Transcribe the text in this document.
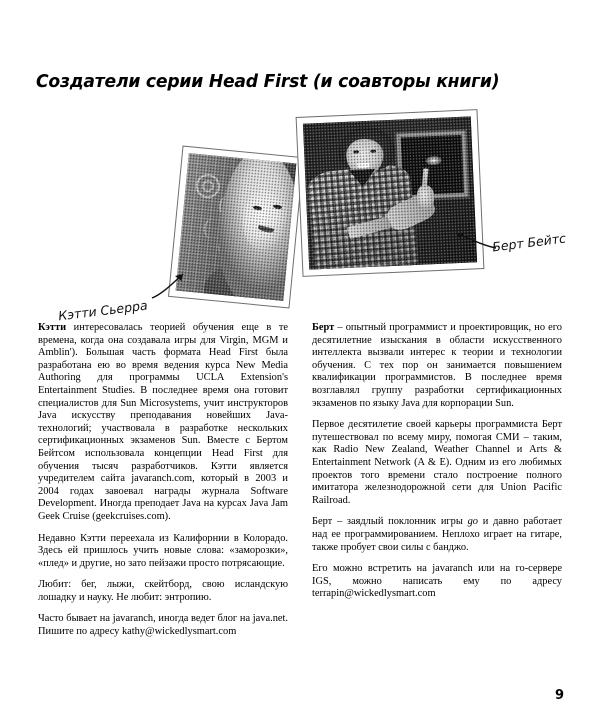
Создатели серии Head First (и соавторы книги)
Кэтти Сьерра
Берт Бейтс

Кэтти интересовалась теорией обучения еще в те времена, когда она создавала игры для Virgin, MGM и Amblin'). Большая часть формата Head First была разработана ею во время ведения курса New Media Authoring для программы UCLA Extension's Entertainment Studies. В последнее время она готовит специалистов для Sun Microsystems, учит инструкторов Java искусству преподавания новейших Java-технологий; участвовала в разработке нескольких сертификационных экзаменов Sun. Вместе с Бертом Бейтсом использовала концепции Head First для обучения тысяч разработчиков. Кэтти является учредителем сайта javaranch.com, который в 2003 и 2004 годах завоевал награды журнала Software Development. Иногда преподает Java на курсах Java Jam Geek Cruise (geekcruises.com).

Недавно Кэтти переехала из Калифорнии в Колорадо. Здесь ей пришлось учить новые слова: «заморозки», «плед» и другие, но зато пейзажи просто потрясающие.

Любит: бег, лыжи, скейтборд, свою исландскую лошадку и науку. Не любит: энтропию.

Часто бывает на javaranch, иногда ведет блог на java.net. Пишите по адресу kathy@wickedlysmart.com

Берт – опытный программист и проектировщик, но его десятилетние изыскания в области искусственного интеллекта вызвали интерес к теории и технологии обучения. С тех пор он занимается повышением квалификации программистов. В последнее время возглавлял группу разработки сертификационных экзаменов по языку Java для корпорации Sun.

Первое десятилетие своей карьеры программиста Берт путешествовал по всему миру, помогая СМИ – таким, как Radio New Zealand, Weather Channel и Arts & Entertainment Network (A & E). Одним из его любимых проектов того времени стало построение полного имитатора железнодорожной сети для Union Pacific Railroad.

Берт – заядлый поклонник игры go и давно работает над ее программированием. Неплохо играет на гитаре, также пробует свои силы с банджо.

Его можно встретить на javaranch или на го-сервере IGS, можно написать ему по адресу terrapin@wickedlysmart.com

9
